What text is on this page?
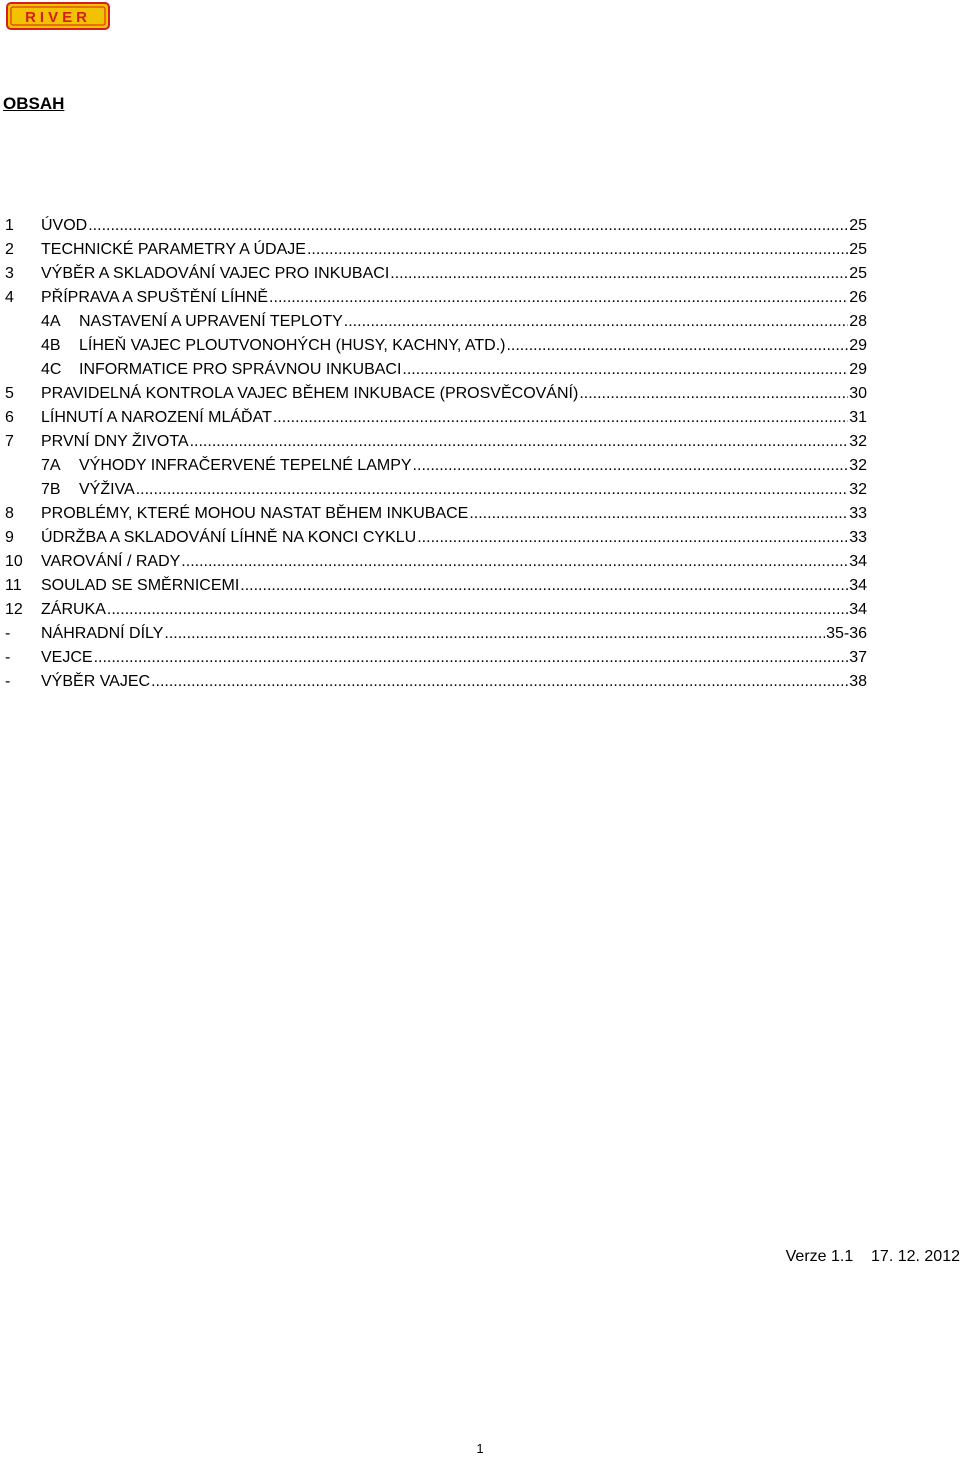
RIVER
OBSAH
1	ÚVOD .....	25
2	TECHNICKÉ PARAMETRY A ÚDAJE .....	25
3	VÝBĚR A SKLADOVÁNÍ VAJEC PRO INKUBACI .....	25
4	PŘÍPRAVA A SPUŠTĚNÍ LÍHNĚ .....	26
4A	NASTAVENÍ A UPRAVENÍ TEPLOTY .....	28
4B	LÍHEŇ VAJEC PLOUTVONOHÝCH (HUSY, KACHNY, ATD.) .....	29
4C	INFORMATICE PRO SPRÁVNOU INKUBACI .....	29
5	PRAVIDELNÁ KONTROLA VAJEC BĚHEM INKUBACE (PROSVĚCOVÁNÍ) .....	30
6	LÍHNUTÍ A NAROZENÍ MLÁĎAT .....	31
7	PRVNÍ DNY ŽIVOTA .....	32
7A	VÝHODY INFRAČERVENÉ TEPELNÉ LAMPY .....	32
7B	VÝŽIVA .....	32
8	PROBLÉMY, KTERÉ MOHOU NASTAT BĚHEM INKUBACE .....	33
9	ÚDRŽBA A SKLADOVÁNÍ LÍHNĚ NA KONCI CYKLU .....	33
10	VAROVÁNÍ / RADY .....	34
11	SOULAD SE SMĚRNICEMI .....	34
12	ZÁRUKA .....	34
-	NÁHRADNÍ DÍLY .....	35-36
-	VEJCE .....	37
-	VÝBĚR VAJEC .....	38
Verze 1.1    17. 12. 2012
1
